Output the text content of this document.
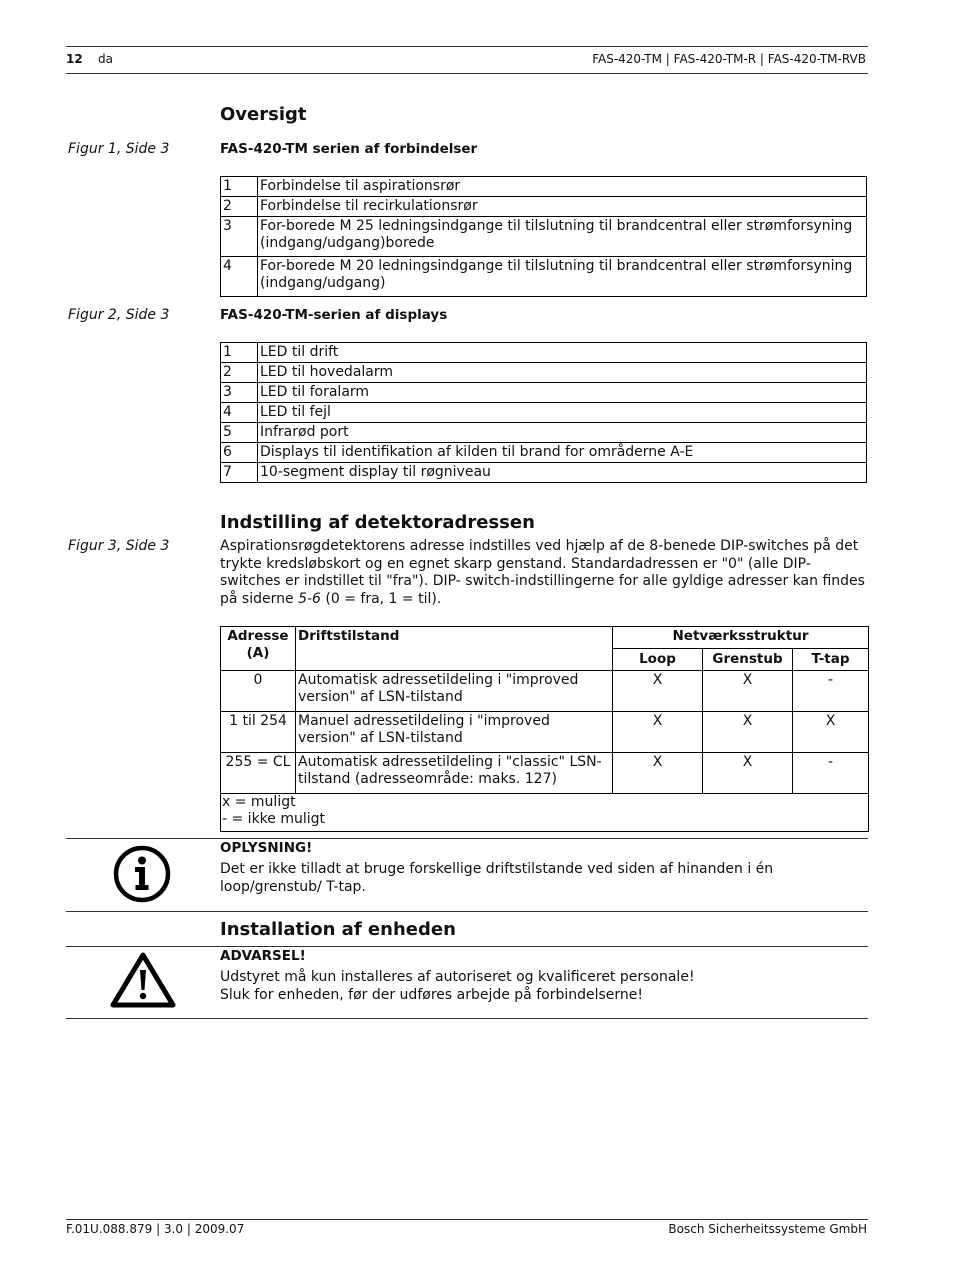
12 da	FAS-420-TM | FAS-420-TM-R | FAS-420-TM-RVB
Oversigt
Figur 1, Side 3	FAS-420-TM serien af forbindelser
1	Forbindelse til aspirationsrør
2	Forbindelse til recirkulationsrør
3	For-borede M 25 ledningsindgange til tilslutning til brandcentral eller strømforsyning (indgang/udgang)borede
4	For-borede M 20 ledningsindgange til tilslutning til brandcentral eller strømforsyning (indgang/udgang)
Figur 2, Side 3	FAS-420-TM-serien af displays
1	LED til drift
2	LED til hovedalarm
3	LED til foralarm
4	LED til fejl
5	Infrarød port
6	Displays til identifikation af kilden til brand for områderne A-E
7	10-segment display til røgniveau
Indstilling af detektoradressen
Figur 3, Side 3	Aspirationsrøgdetektorens adresse indstilles ved hjælp af de 8-benede DIP-switches på det trykte kredsløbskort og en egnet skarp genstand. Standardadressen er "0" (alle DIP-switches er indstillet til "fra"). DIP- switch-indstillingerne for alle gyldige adresser kan findes på siderne 5-6 (0 = fra, 1 = til).
Adresse (A)	Driftstilstand	Netværksstruktur		
		Loop	Grenstub	T-tap
0	Automatisk adressetildeling i "improved version" af LSN-tilstand	X	X	-
1 til 254	Manuel adressetildeling i "improved version" af LSN-tilstand	X	X	X
255 = CL	Automatisk adressetildeling i "classic" LSN-tilstand (adresseområde: maks. 127)	X	X	-

x = muligt
- = ikke muligt				
OPLYSNING!
Det er ikke tilladt at bruge forskellige driftstilstande ved siden af hinanden i én loop/grenstub/ T-tap.
Installation af enheden
ADVARSEL!
Udstyret må kun installeres af autoriseret og kvalificeret personale!
Sluk for enheden, før der udføres arbejde på forbindelserne!
F.01U.088.879 | 3.0 | 2009.07	Bosch Sicherheitssysteme GmbH
